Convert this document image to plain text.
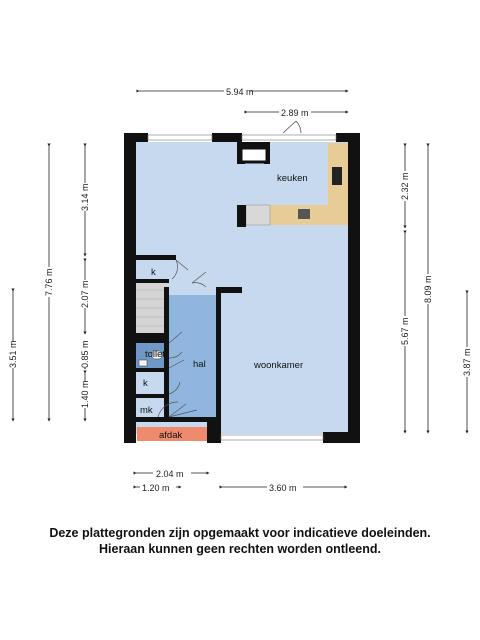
keuken
woonkamer
hal
toilet
k
k
mk
afdak
5.94 m
2.89 m
2.04 m
1.20 m	3.60 m
3.51 m
7.76 m
3.14 m
2.07 m
0.85 m
1.40 m
2.32 m
5.67 m
8.09 m
3.87 m
Deze plattegronden zijn opgemaakt voor indicatieve doeleinden.
Hieraan kunnen geen rechten worden ontleend.
